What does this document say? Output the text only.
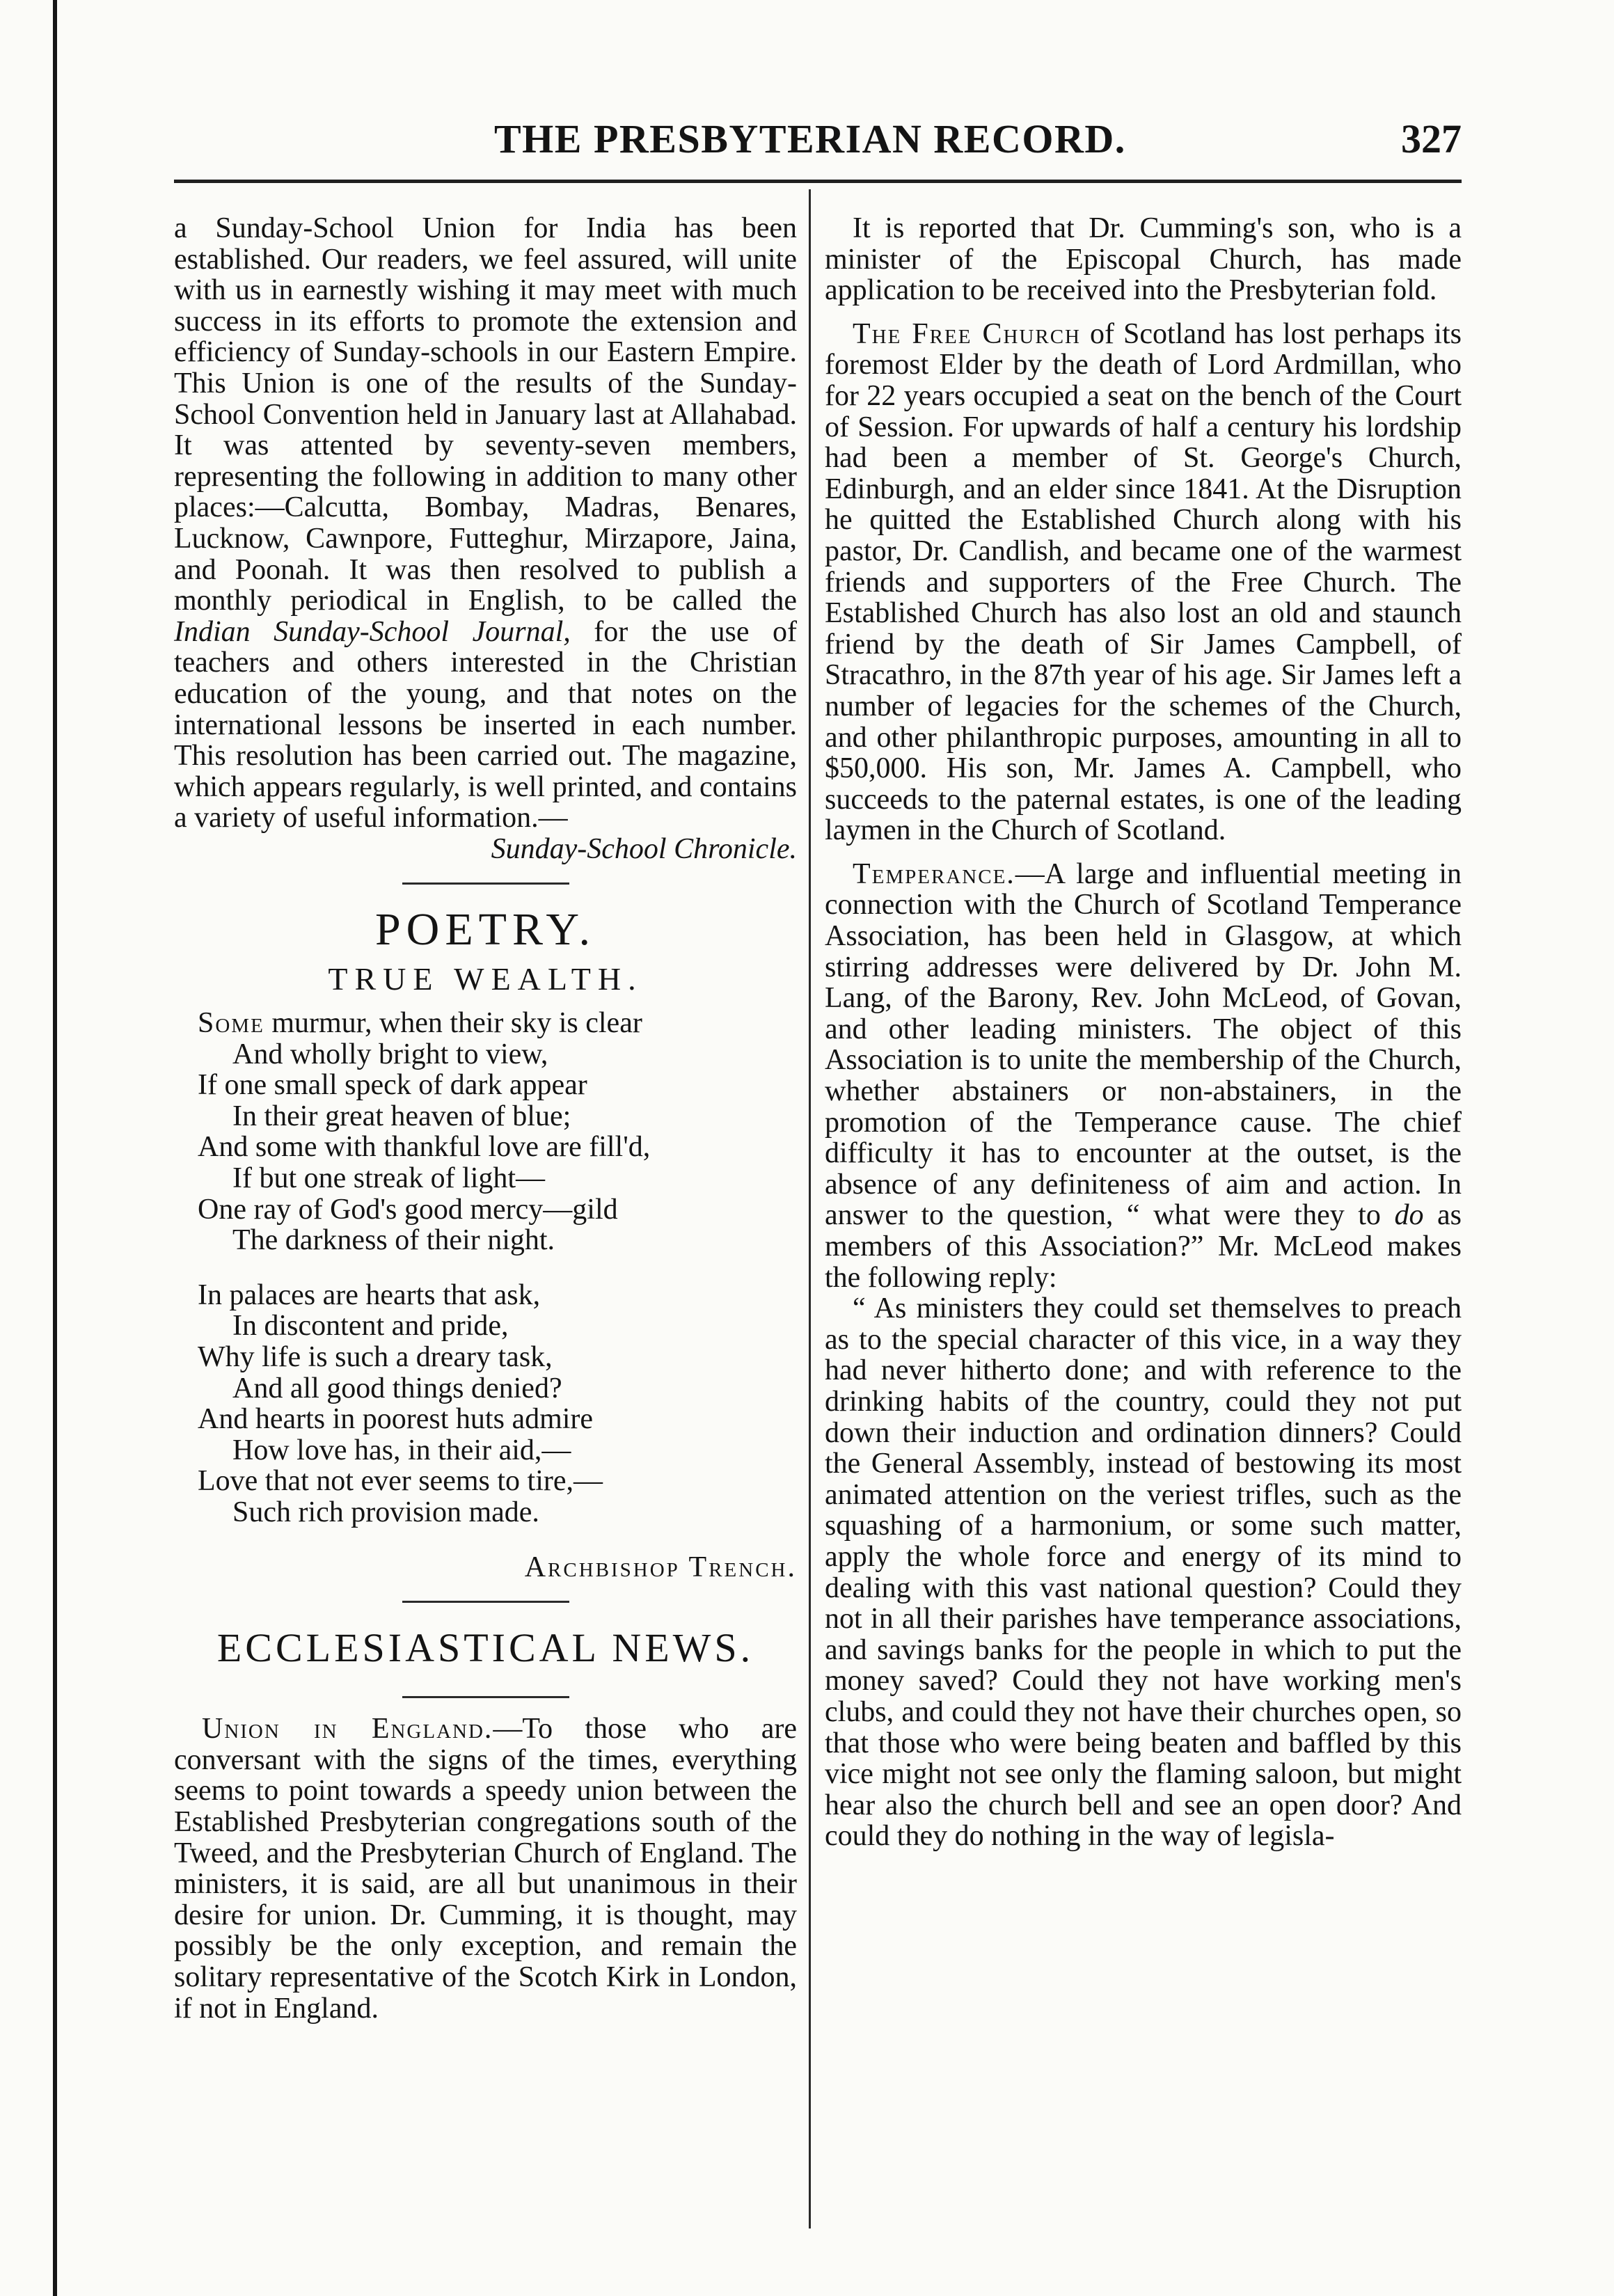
THE PRESBYTERIAN RECORD.	327

a Sunday-School Union for India has been established. Our readers, we feel assured, will unite with us in earnestly wishing it may meet with much success in its efforts to promote the extension and efficiency of Sunday-schools in our Eastern Empire. This Union is one of the results of the Sunday-School Convention held in January last at Allahabad. It was attented by seventy-seven members, representing the following in addition to many other places:—Calcutta, Bombay, Madras, Benares, Lucknow, Cawnpore, Futteghur, Mirzapore, Jaina, and Poonah. It was then resolved to publish a monthly periodical in English, to be called the Indian Sunday-School Journal, for the use of teachers and others interested in the Christian education of the young, and that notes on the international lessons be inserted in each number. This resolution has been carried out. The magazine, which appears regularly, is well printed, and contains a variety of useful information.—

Sunday-School Chronicle.

POETRY.
TRUE WEALTH.
Some murmur, when their sky is clear
And wholly bright to view,
If one small speck of dark appear
In their great heaven of blue;
And some with thankful love are fill'd,
If but one streak of light—
One ray of God's good mercy—gild
The darkness of their night.
In palaces are hearts that ask,
In discontent and pride,
Why life is such a dreary task,
And all good things denied?
And hearts in poorest huts admire
How love has, in their aid,—
Love that not ever seems to tire,—
Such rich provision made.

Archbishop Trench.

ECCLESIASTICAL NEWS.

Union in England.—To those who are conversant with the signs of the times, everything seems to point towards a speedy union between the Established Presbyterian congregations south of the Tweed, and the Presbyterian Church of England. The ministers, it is said, are all but unanimous in their desire for union. Dr. Cumming, it is thought, may possibly be the only exception, and remain the solitary representative of the Scotch Kirk in London, if not in England.

It is reported that Dr. Cumming's son, who is a minister of the Episcopal Church, has made application to be received into the Presbyterian fold.

The Free Church of Scotland has lost perhaps its foremost Elder by the death of Lord Ardmillan, who for 22 years occupied a seat on the bench of the Court of Session. For upwards of half a century his lordship had been a member of St. George's Church, Edinburgh, and an elder since 1841. At the Disruption he quitted the Established Church along with his pastor, Dr. Candlish, and became one of the warmest friends and supporters of the Free Church. The Established Church has also lost an old and staunch friend by the death of Sir James Campbell, of Stracathro, in the 87th year of his age. Sir James left a number of legacies for the schemes of the Church, and other philanthropic purposes, amounting in all to $50,000. His son, Mr. James A. Campbell, who succeeds to the paternal estates, is one of the leading laymen in the Church of Scotland.

Temperance.—A large and influential meeting in connection with the Church of Scotland Temperance Association, has been held in Glasgow, at which stirring addresses were delivered by Dr. John M. Lang, of the Barony, Rev. John McLeod, of Govan, and other leading ministers. The object of this Association is to unite the membership of the Church, whether abstainers or non-abstainers, in the promotion of the Temperance cause. The chief difficulty it has to encounter at the outset, is the absence of any definiteness of aim and action. In answer to the question, “ what were they to do as members of this Association?” Mr. McLeod makes the following reply:

“ As ministers they could set themselves to preach as to the special character of this vice, in a way they had never hitherto done; and with reference to the drinking habits of the country, could they not put down their induction and ordination dinners? Could the General Assembly, instead of bestowing its most animated attention on the veriest trifles, such as the squashing of a harmonium, or some such matter, apply the whole force and energy of its mind to dealing with this vast national question? Could they not in all their parishes have temperance associations, and savings banks for the people in which to put the money saved? Could they not have working men's clubs, and could they not have their churches open, so that those who were being beaten and baffled by this vice might not see only the flaming saloon, but might hear also the church bell and see an open door? And could they do nothing in the way of legisla-
